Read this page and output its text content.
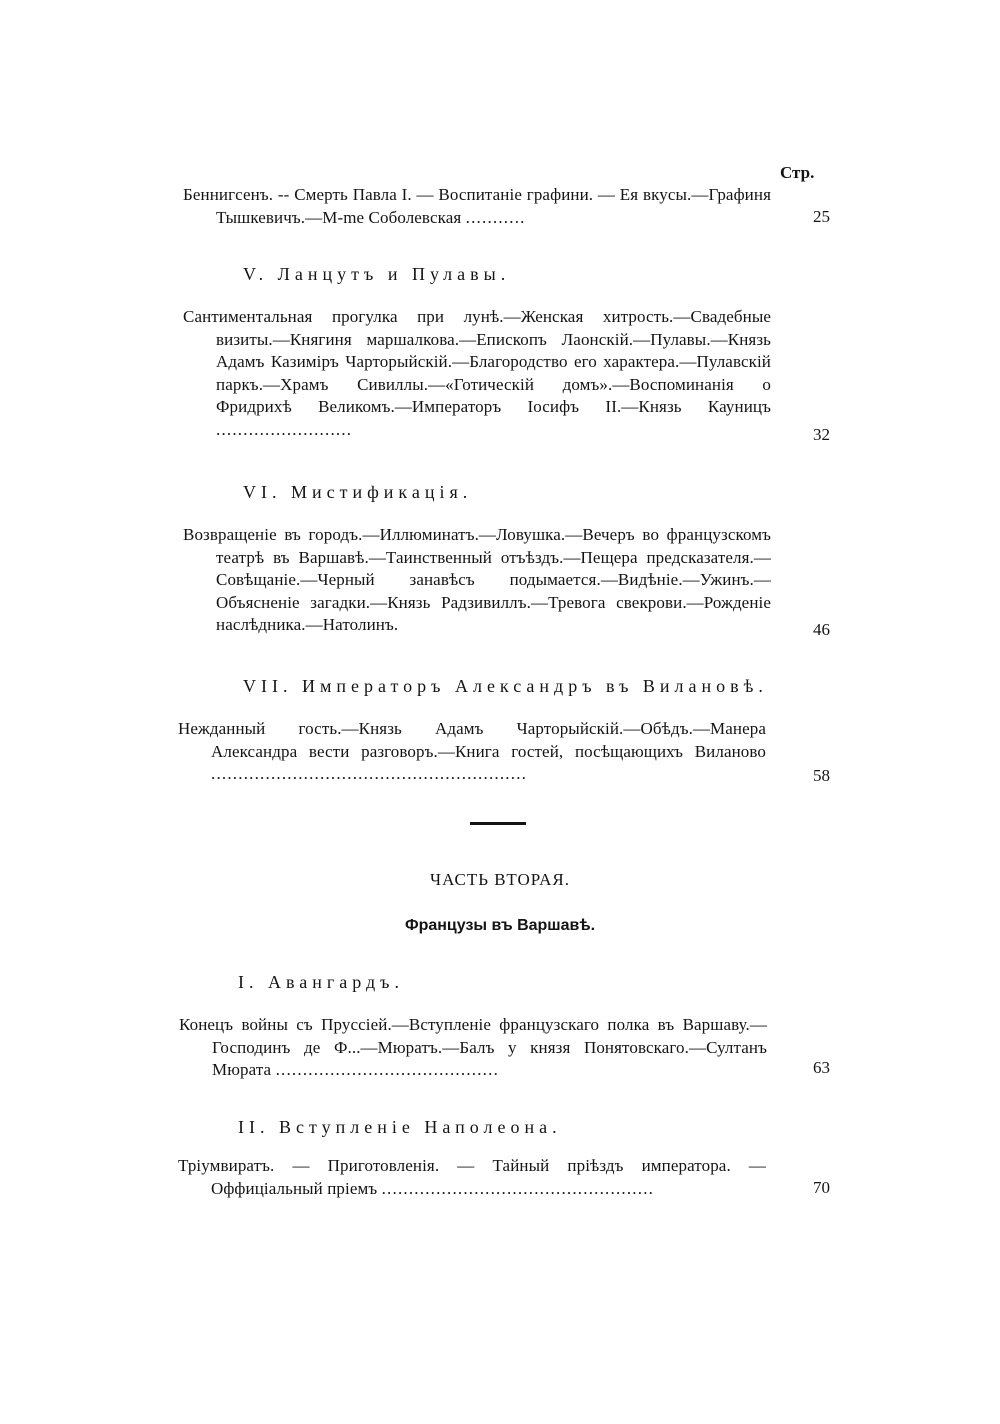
Стр.
Беннигсенъ. -- Смерть Павла I. — Воспитаніе графини. — Ея вкусы.—Графиня Тышкевичъ.—М-me Соболевская ...........	25
V. Ланцутъ и Пулавы.
Сантиментальная прогулка при лунѣ.—Женская хитрость.—Свадебные визиты.—Княгиня маршалкова.—Епископъ Лаонскій.—Пулавы.—Князь Адамъ Казиміръ Чарторыйскій.—Благородство его характера.—Пулавскій паркъ.—Храмъ Сивиллы.—«Готическій домъ».—Воспоминанія о Фридрихѣ Великомъ.—Императоръ Іосифъ II.—Князь Кауницъ .........................	32
VI. Мистификація.
Возвращеніе въ городъ.—Иллюминатъ.—Ловушка.—Вечеръ во французскомъ театрѣ въ Варшавѣ.—Таинственный отъѣздъ.—Пещера предсказателя.—Совѣщаніе.—Черный занавѣсъ подымается.—Видѣніе.—Ужинъ.—Объясненіе загадки.—Князь Радзивиллъ.—Тревога свекрови.—Рожденіе наслѣдника.—Натолинъ.	46
VII. Императоръ Александръ въ Вилановѣ.
Нежданный гость.—Князь Адамъ Чарторыйскій.—Обѣдъ.—Манера Александра вести разговоръ.—Книга гостей, посѣщающихъ Виланово ..........................................................	58
ЧАСТЬ ВТОРАЯ.
Французы въ Варшавѣ.
I. Авангардъ.
Конецъ войны съ Пруссіей.—Вступленіе французскаго полка въ Варшаву.—Господинъ де Ф...—Мюратъ.—Балъ у князя Понятовскаго.—Султанъ Мюрата .........................................	63
II. Вступленіе Наполеона.
Тріумвиратъ. — Приготовленія. — Тайный пріѣздъ императора. — Оффиціальный пріемъ ..................................................	70
